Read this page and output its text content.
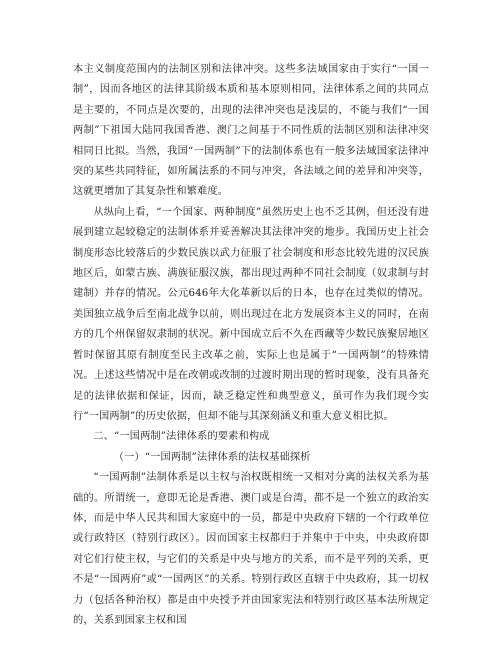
本主义制度范围内的法制区别和法律冲突。这些多法域国家由于实行“一国一制”，因而各地区的法律其阶级本质和基本原则相同，法律体系之间的共同点是主要的，不同点是次要的，出现的法律冲突也是浅层的，不能与我们“一国两制”下祖国大陆同我国香港、澳门之间基于不同性质的法制区别和法律冲突相同日比拟。当然，我国“一国两制”下的法制体系也有一般多法域国家法律冲突的某些共同特征，如所属法系的不同与冲突，各法域之间的差异和冲突等，这就更增加了其复杂性和繁难度。

从纵向上看，“一个国家、两种制度”虽然历史上也不乏其例，但还没有进展到建立起较稳定的法制体系并妥善解决其法律冲突的地步。我国历史上社会制度形态比较落后的少数民族以武力征服了社会制度和形态比较先进的汉民族地区后，如蒙古族、满族征服汉族，都出现过两种不同社会制度（奴隶制与封建制）并存的情况。公元646年大化革新以后的日本，也存在过类似的情况。美国独立战争后至南北战争以前，则出现过在北方发展资本主义的同时，在南方的几个州保留奴隶制的状况。新中国成立后不久在西藏等少数民族聚居地区暂时保留其原有制度至民主改革之前，实际上也是属于“一国两制”的特殊情况。上述这些情况中是在改朝或改制的过渡时期出现的暂时现象，没有具备充足的法律依据和保证，因而，缺乏稳定性和典型意义，虽可作为我们现今实行“一国两制”的历史依据，但却不能与其深刻涵义和重大意义相比拟。

二、“一国两制”法律体系的要素和构成

（一）“一国两制”法律体系的法权基础探析

“一国两制”法制体系是以主权与治权既相统一又相对分离的法权关系为基础的。所谓统一，意即无论是香港、澳门或是台湾，都不是一个独立的政治实体，而是中华人民共和国大家庭中的一员，都是中央政府下辖的一个行政单位或行政特区（特别行政区）。因而国家主权都归于并集中于中央，中央政府即对它们行使主权，与它们的关系是中央与地方的关系，而不是平列的关系，更不是“一国两府”或“一国两区”的关系。特别行政区直辖于中央政府，其一切权力（包括各种治权）都是由中央授予并由国家宪法和特别行政区基本法所规定的，关系到国家主权和国
